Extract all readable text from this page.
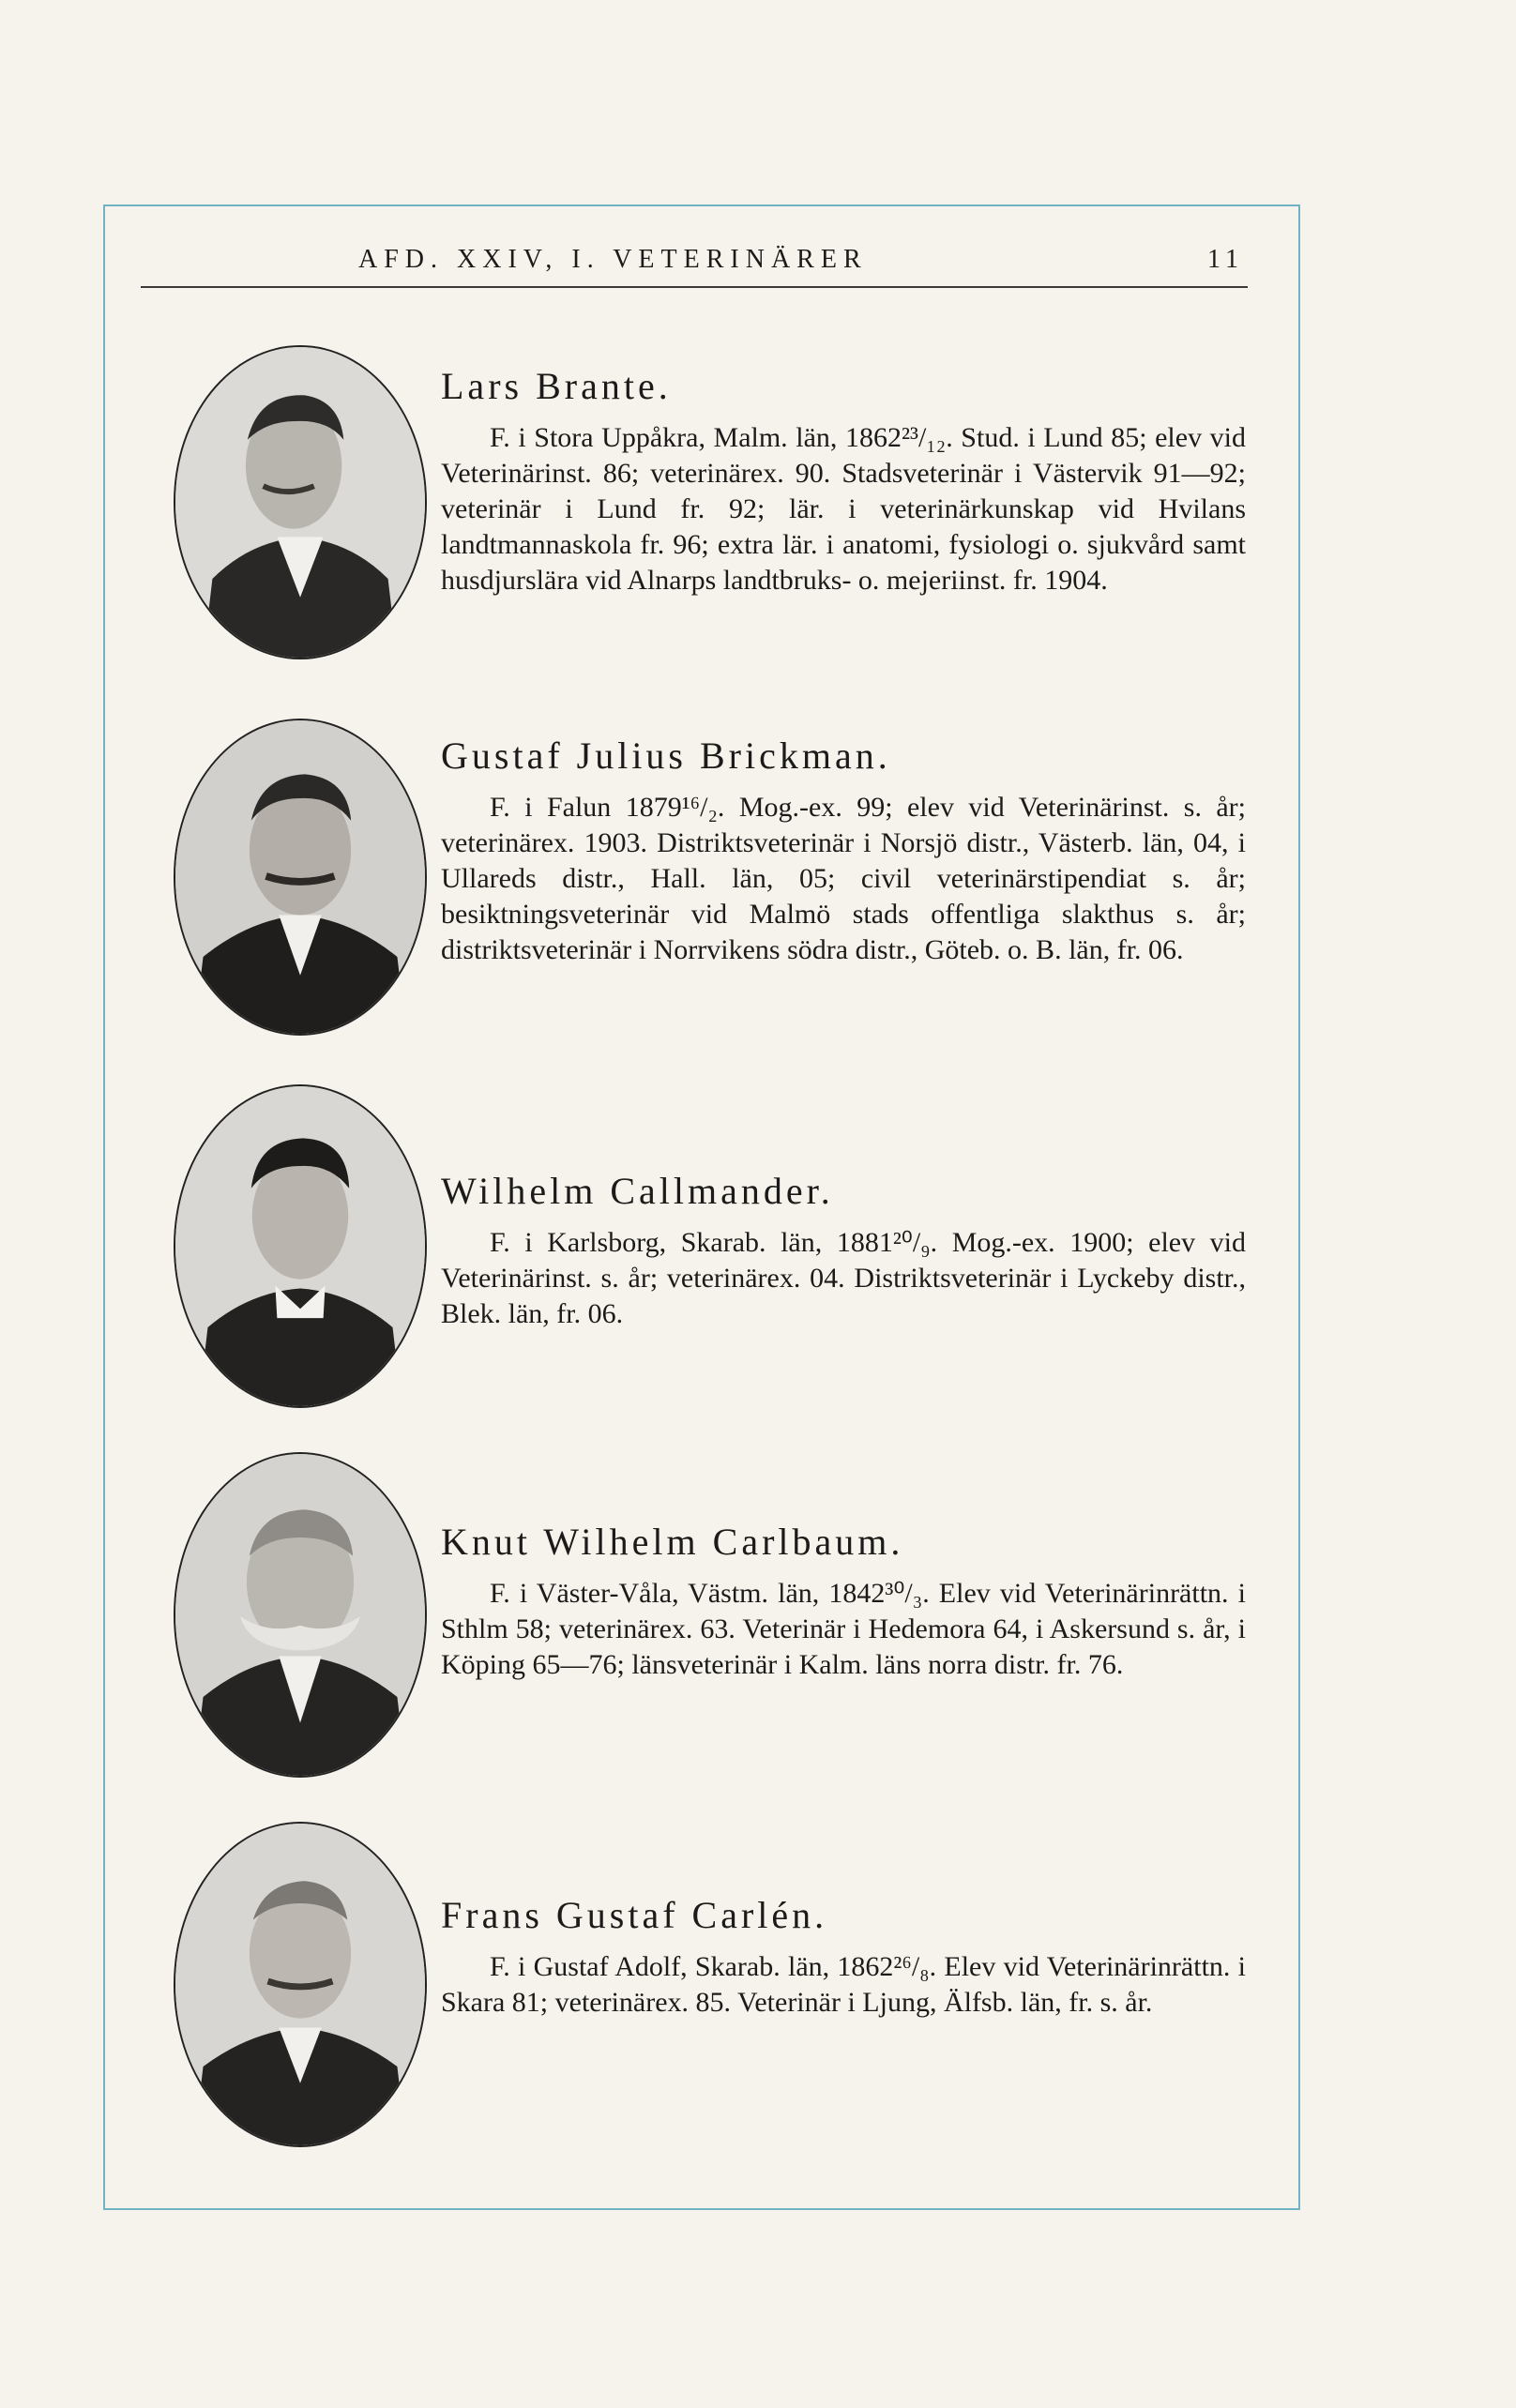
AFD. XXIV, I. VETERINÄRER	11
Lars Brante.

F. i Stora Uppåkra, Malm. län, 1862²³/₁₂. Stud. i Lund 85; elev vid Veterinärinst. 86; veterinärex. 90. Stadsveterinär i Västervik 91—92; veterinär i Lund fr. 92; lär. i veterinärkunskap vid Hvilans landtmannaskola fr. 96; extra lär. i anatomi, fysiologi o. sjukvård samt husdjurslära vid Alnarps landtbruks- o. mejeriinst. fr. 1904.

Gustaf Julius Brickman.

F. i Falun 1879¹⁶/₂. Mog.-ex. 99; elev vid Veterinärinst. s. år; veterinärex. 1903. Distriktsveterinär i Norsjö distr., Västerb. län, 04, i Ullareds distr., Hall. län, 05; civil veterinärstipendiat s. år; besiktningsveterinär vid Malmö stads offentliga slakthus s. år; distriktsveterinär i Norrvikens södra distr., Göteb. o. B. län, fr. 06.

Wilhelm Callmander.

F. i Karlsborg, Skarab. län, 1881²⁰/₉. Mog.-ex. 1900; elev vid Veterinärinst. s. år; veterinärex. 04. Distriktsveterinär i Lyckeby distr., Blek. län, fr. 06.

Knut Wilhelm Carlbaum.

F. i Väster-Våla, Västm. län, 1842³⁰/₃. Elev vid Veterinärinrättn. i Sthlm 58; veterinärex. 63. Veterinär i Hedemora 64, i Askersund s. år, i Köping 65—76; länsveterinär i Kalm. läns norra distr. fr. 76.

Frans Gustaf Carlén.

F. i Gustaf Adolf, Skarab. län, 1862²⁶/₈. Elev vid Veterinärinrättn. i Skara 81; veterinärex. 85. Veterinär i Ljung, Älfsb. län, fr. s. år.
